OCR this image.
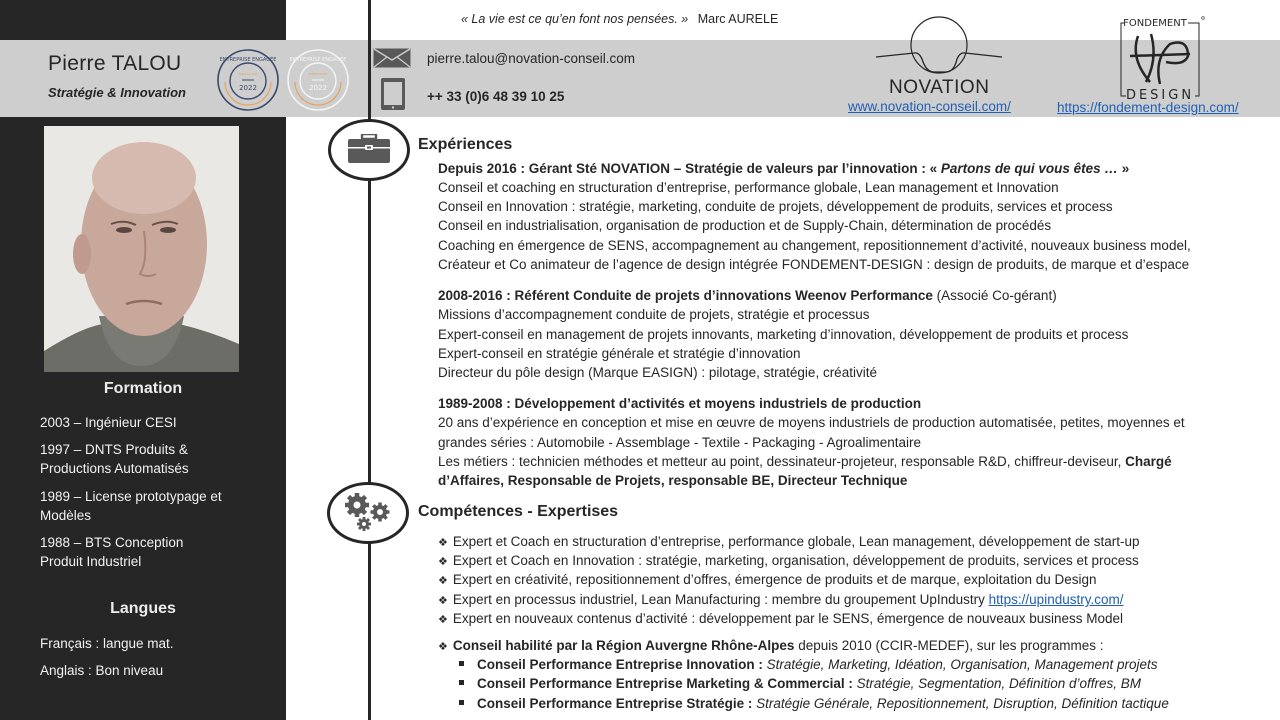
« La vie est ce qu’en font nos pensées. » Marc AURELE
Pierre TALOU
Stratégie & Innovation
ENTREPRISE ENGAGÉE
INNOVATION
2022
ENTREPRISE ENGAGÉE
INNOVATION
2022
pierre.talou@novation-conseil.com
++ 33 (0)6 48 39 10 25	NOVATION
www.novation-conseil.com/
FONDEMENT
DESIGN
https://fondement-design.com/
Formation
2003 – Ingénieur CESI
1997 – DNTS Produits & Productions Automatisés
1989 – License prototypage et Modèles
1988 – BTS Conception Produit Industriel
Langues
Français : langue mat.
Anglais : Bon niveau
Expériences
Depuis 2016 : Gérant Sté NOVATION – Stratégie de valeurs par l’innovation : « Partons de qui vous êtes … »
Conseil et coaching en structuration d’entreprise, performance globale, Lean management et Innovation
Conseil en Innovation : stratégie, marketing, conduite de projets, développement de produits, services et process
Conseil en industrialisation, organisation de production et de Supply-Chain, détermination de procédés
Coaching en émergence de SENS, accompagnement au changement, repositionnement d’activité, nouveaux business model,
Créateur et Co animateur de l’agence de design intégrée FONDEMENT-DESIGN : design de produits, de marque et d’espace
2008-2016 : Référent Conduite de projets d’innovations Weenov Performance (Associé Co-gérant)
Missions d’accompagnement conduite de projets, stratégie et processus
Expert-conseil en management de projets innovants, marketing d’innovation, développement de produits et process
Expert-conseil en stratégie générale et stratégie d’innovation
Directeur du pôle design (Marque EASIGN) : pilotage, stratégie, créativité
1989-2008 : Développement d’activités et moyens industriels de production
20 ans d’expérience en conception et mise en œuvre de moyens industriels de production automatisée, petites, moyennes et
grandes séries : Automobile - Assemblage - Textile - Packaging - Agroalimentaire
Les métiers : technicien méthodes et metteur au point, dessinateur-projeteur, responsable R&D, chiffreur-deviseur, Chargé
d’Affaires, Responsable de Projets, responsable BE, Directeur Technique
Compétences - Expertises
❖ Expert et Coach en structuration d’entreprise, performance globale, Lean management, développement de start-up
❖ Expert et Coach en Innovation : stratégie, marketing, organisation, développement de produits, services et process
❖ Expert en créativité, repositionnement d’offres, émergence de produits et de marque, exploitation du Design
❖ Expert en processus industriel, Lean Manufacturing : membre du groupement UpIndustry https://upindustry.com/
❖ Expert en nouveaux contenus d’activité : développement par le SENS, émergence de nouveaux business Model
❖ Conseil habilité par la Région Auvergne Rhône-Alpes depuis 2010 (CCIR-MEDEF), sur les programmes :
Conseil Performance Entreprise Innovation : Stratégie, Marketing, Idéation, Organisation, Management projets
Conseil Performance Entreprise Marketing & Commercial : Stratégie, Segmentation, Définition d’offres, BM
Conseil Performance Entreprise Stratégie : Stratégie Générale, Repositionnement, Disruption, Définition tactique
